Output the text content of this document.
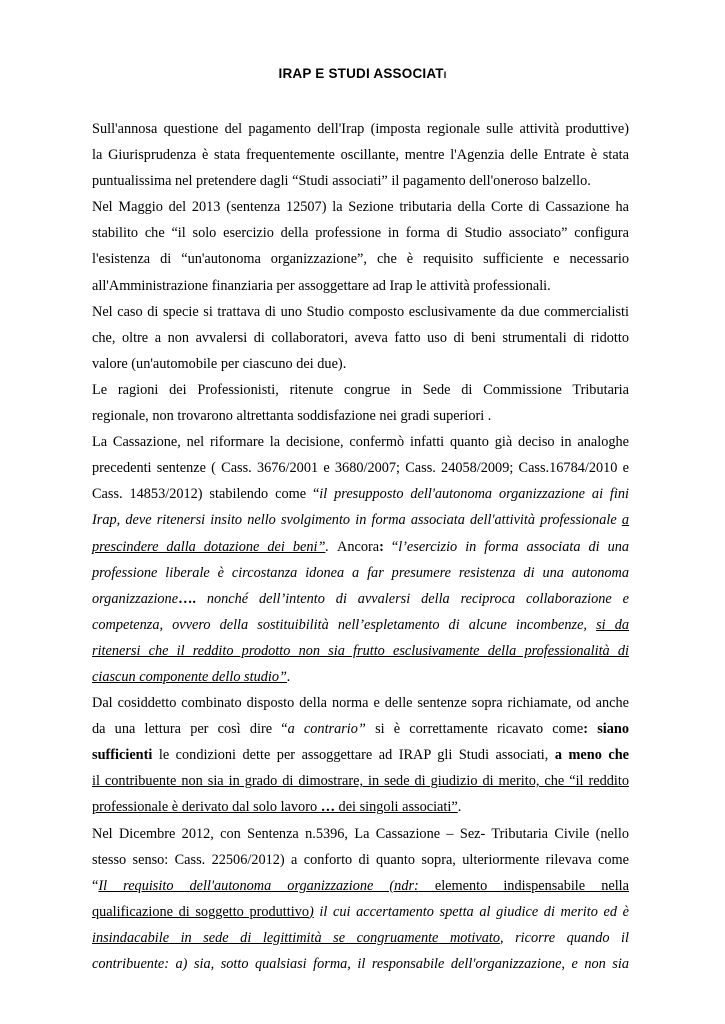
IRAP E STUDI ASSOCIATI
Sull'annosa questione del pagamento dell'Irap (imposta regionale sulle attività produttive)
la Giurisprudenza è stata frequentemente oscillante, mentre l'Agenzia delle Entrate è stata
puntualissima nel pretendere dagli “Studi associati” il pagamento dell'oneroso balzello.
Nel Maggio del 2013 (sentenza 12507) la Sezione tributaria della Corte di Cassazione ha
stabilito che “il solo esercizio della professione in forma di Studio associato” configura
l'esistenza di “un'autonoma organizzazione”, che è requisito sufficiente e necessario
all'Amministrazione finanziaria per assoggettare ad Irap le attività professionali.
Nel caso di specie si trattava di uno Studio composto esclusivamente da due commercialisti
che, oltre a non avvalersi di collaboratori, aveva fatto uso di beni strumentali di ridotto
valore (un'automobile per ciascuno dei due).
Le ragioni dei Professionisti, ritenute congrue in Sede di Commissione Tributaria
regionale, non trovarono altrettanta soddisfazione nei gradi superiori .
La Cassazione, nel riformare la decisione, confermò infatti quanto già deciso in analoghe
precedenti sentenze ( Cass. 3676/2001 e 3680/2007; Cass. 24058/2009; Cass.16784/2010 e
Cass. 14853/2012) stabilendo come “il presupposto dell'autonoma organizzazione ai fini
Irap, deve ritenersi insito nello svolgimento in forma associata dell'attività professionale a
prescindere dalla dotazione dei beni”. Ancora: “l’esercizio in forma associata di una
professione liberale è circostanza idonea a far presumere resistenza di una autonoma
organizzazione…. nonché dell’intento di avvalersi della reciproca collaborazione e
competenza, ovvero della sostituibilità nell’espletamento di alcune incombenze, si da
ritenersi che il reddito prodotto non sia frutto esclusivamente della professionalità di
ciascun componente dello studio”.
Dal cosiddetto combinato disposto della norma e delle sentenze sopra richiamate, od anche
da una lettura per così dire “a contrario” si è correttamente ricavato come: siano
sufficienti le condizioni dette per assoggettare ad IRAP gli Studi associati, a meno che
il contribuente non sia in grado di dimostrare, in sede di giudizio di merito, che “il reddito
professionale è derivato dal solo lavoro … dei singoli associati”.
Nel Dicembre 2012, con Sentenza n.5396, La Cassazione – Sez- Tributaria Civile (nello
stesso senso: Cass. 22506/2012) a conforto di quanto sopra, ulteriormente rilevava come
“Il requisito dell'autonoma organizzazione (ndr: elemento indispensabile nella
qualificazione di soggetto produttivo) il cui accertamento spetta al giudice di merito ed è
insindacabile in sede di legittimità se congruamente motivato, ricorre quando il
contribuente: a) sia, sotto qualsiasi forma, il responsabile dell'organizzazione, e non sia
